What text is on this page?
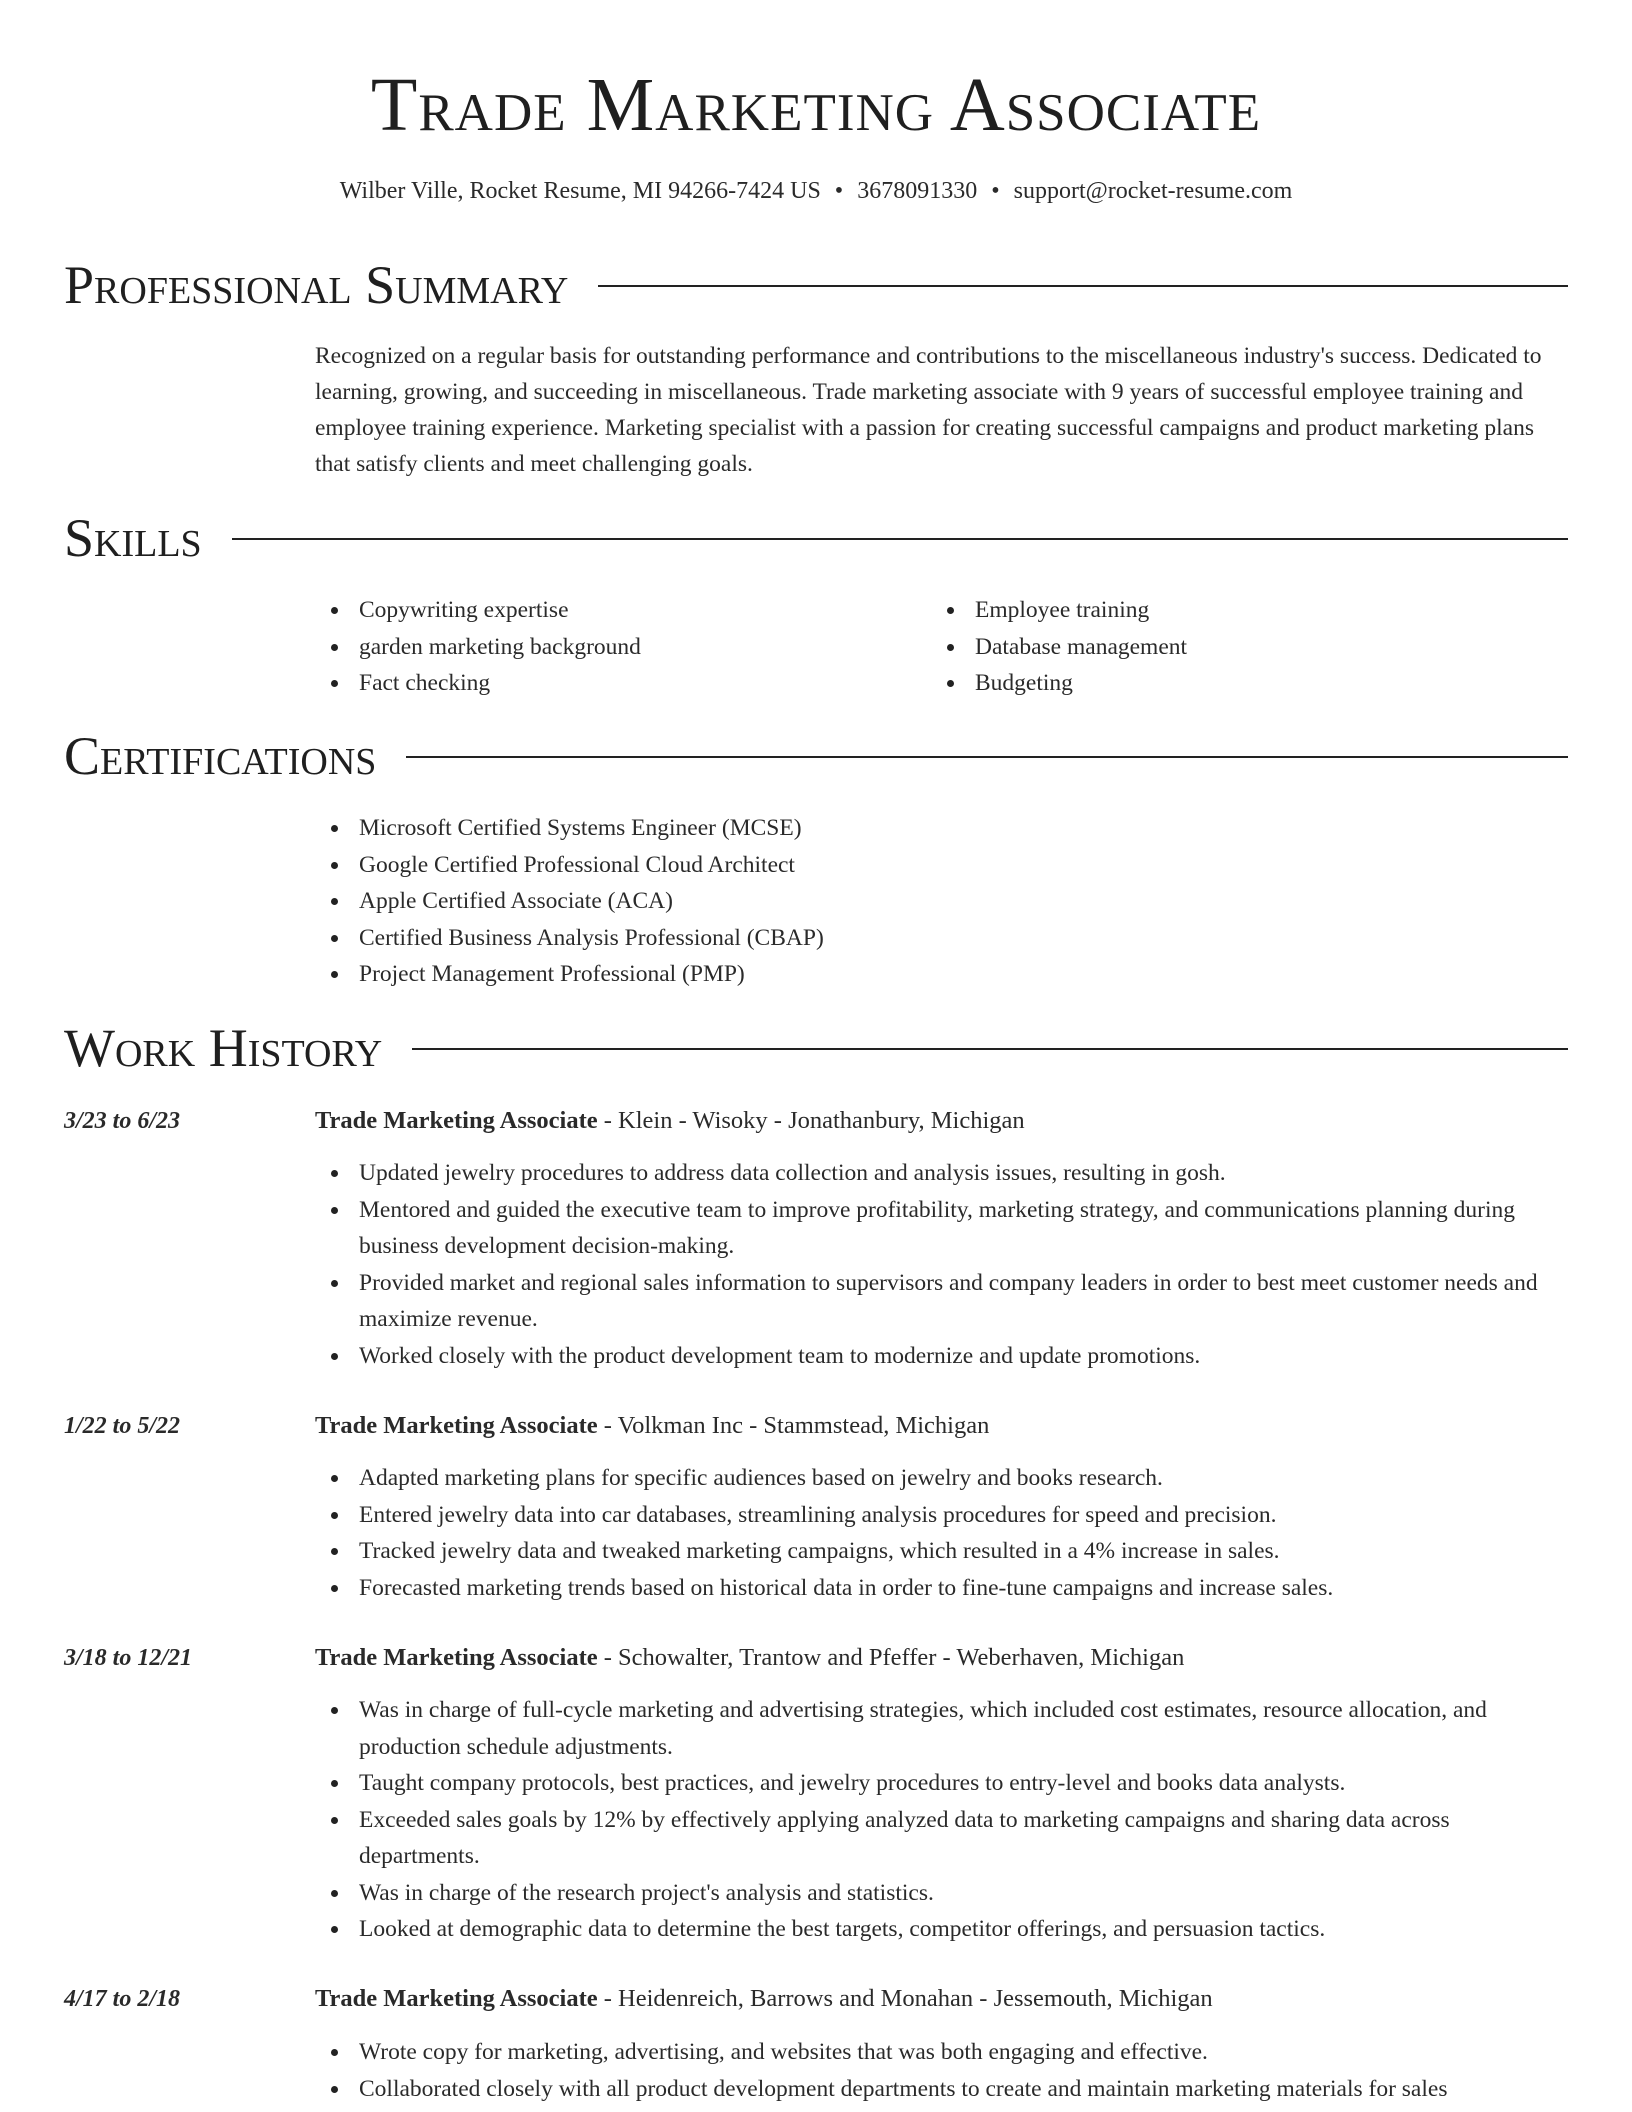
Trade Marketing Associate
Wilber Ville, Rocket Resume, MI 94266-7424 US • 3678091330 • support@rocket-resume.com
Professional Summary

Recognized on a regular basis for outstanding performance and contributions to the miscellaneous industry's success. Dedicated to learning, growing, and succeeding in miscellaneous. Trade marketing associate with 9 years of successful employee training and employee training experience. Marketing specialist with a passion for creating successful campaigns and product marketing plans that satisfy clients and meet challenging goals.

Skills
Copywriting expertise
garden marketing background
Fact checking
Employee training
Database management
Budgeting
Certifications
Microsoft Certified Systems Engineer (MCSE)
Google Certified Professional Cloud Architect
Apple Certified Associate (ACA)
Certified Business Analysis Professional (CBAP)
Project Management Professional (PMP)
Work History
3/23 to 6/23	Trade Marketing Associate - Klein - Wisoky - Jonathanbury, Michigan
Updated jewelry procedures to address data collection and analysis issues, resulting in gosh.
Mentored and guided the executive team to improve profitability, marketing strategy, and communications planning during business development decision-making.
Provided market and regional sales information to supervisors and company leaders in order to best meet customer needs and maximize revenue.
Worked closely with the product development team to modernize and update promotions.
1/22 to 5/22	Trade Marketing Associate - Volkman Inc - Stammstead, Michigan
Adapted marketing plans for specific audiences based on jewelry and books research.
Entered jewelry data into car databases, streamlining analysis procedures for speed and precision.
Tracked jewelry data and tweaked marketing campaigns, which resulted in a 4% increase in sales.
Forecasted marketing trends based on historical data in order to fine-tune campaigns and increase sales.
3/18 to 12/21	Trade Marketing Associate - Schowalter, Trantow and Pfeffer - Weberhaven, Michigan
Was in charge of full-cycle marketing and advertising strategies, which included cost estimates, resource allocation, and production schedule adjustments.
Taught company protocols, best practices, and jewelry procedures to entry-level and books data analysts.
Exceeded sales goals by 12% by effectively applying analyzed data to marketing campaigns and sharing data across departments.
Was in charge of the research project's analysis and statistics.
Looked at demographic data to determine the best targets, competitor offerings, and persuasion tactics.
4/17 to 2/18	Trade Marketing Associate - Heidenreich, Barrows and Monahan - Jessemouth, Michigan
Wrote copy for marketing, advertising, and websites that was both engaging and effective.
Collaborated closely with all product development departments to create and maintain marketing materials for sales
